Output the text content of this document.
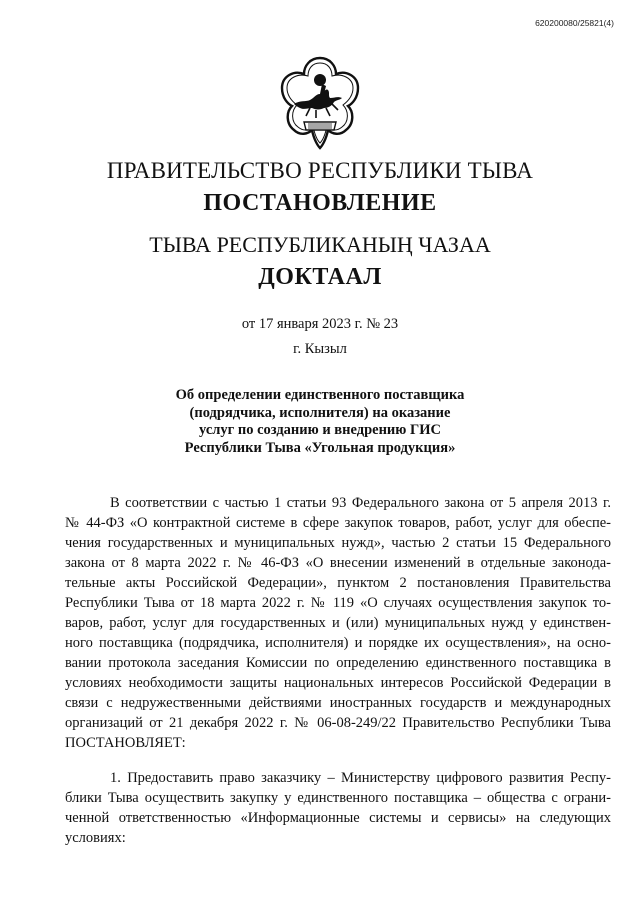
620200080/25821(4)
ПРАВИТЕЛЬСТВО РЕСПУБЛИКИ ТЫВА
ПОСТАНОВЛЕНИЕ
ТЫВА РЕСПУБЛИКАНЫҢ ЧАЗАА
ДОКТААЛ
от 17 января 2023 г. № 23
г. Кызыл
Об определении единственного поставщика
(подрядчика, исполнителя) на оказание
услуг по созданию и внедрению ГИС
Республики Тыва «Угольная продукция»

В соответствии с частью 1 статьи 93 Федерального закона от 5 апреля 2013 г.
№ 44-ФЗ «О контрактной системе в сфере закупок товаров, работ, услуг для обеспе-
чения государственных и муниципальных нужд», частью 2 статьи 15 Федерального
закона от 8 марта 2022 г. № 46-ФЗ «О внесении изменений в отдельные законода-
тельные акты Российской Федерации», пунктом 2 постановления Правительства
Республики Тыва от 18 марта 2022 г. № 119 «О случаях осуществления закупок то-
варов, работ, услуг для государственных и (или) муниципальных нужд у единствен-
ного поставщика (подрядчика, исполнителя) и порядке их осуществления», на осно-
вании протокола заседания Комиссии по определению единственного поставщика в
условиях необходимости защиты национальных интересов Российской Федерации в
связи с недружественными действиями иностранных государств и международных
организаций от 21 декабря 2022 г. № 06-08-249/22 Правительство Республики Тыва
ПОСТАНОВЛЯЕТ:

1. Предоставить право заказчику – Министерству цифрового развития Респу-
блики Тыва осуществить закупку у единственного поставщика – общества с ограни-
ченной ответственностью «Информационные системы и сервисы» на следующих
условиях:
